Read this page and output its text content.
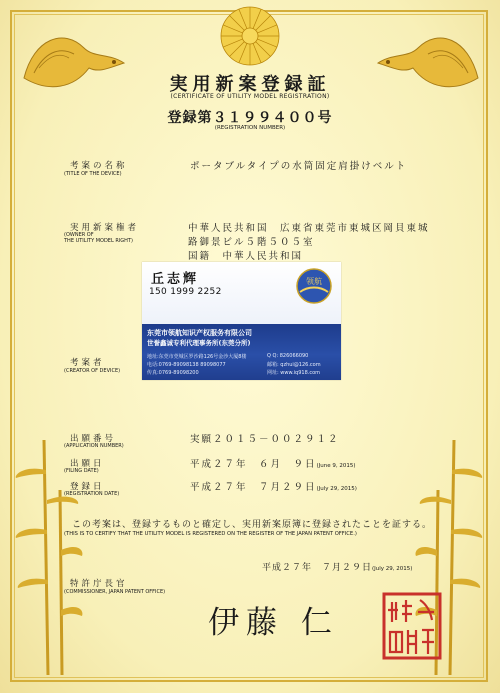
実用新案登録証
(CERTIFICATE OF UTILITY MODEL REGISTRATION)
登録第３１９９４００号
(REGISTRATION NUMBER)
考案の名称
(TITLE OF THE DEVICE)
ポータブルタイプの水筒固定肩掛けベルト
実用新案権者
(OWNER OF
THE UTILITY MODEL RIGHT)
中華人民共和国　広東省東莞市東城区岡貝東城
路御景ビル５階５０５室
国籍　中華人民共和国
丘志辉
150 1999 2252
领航
东莞市领航知识产权服务有限公司
世誉鑫诚专利代理事务所(东莞分所)
地址:东莞市莞城区罗沙路126号金沙大厦8楼
电话:0769-89098138 89098077
传真:0769-89098200
Q Q: 826066090
邮箱: qzhui@126.com
网址: www.iq918.com
考案者
(CREATOR OF DEVICE)
出願番号
(APPLICATION NUMBER)
実願２０１５－００２９１２
出願日
(FILING DATE)
平成２７年　６月　９日(June 9, 2015)
登録日
(REGISTRATION DATE)
平成２７年　７月２９日(July 29, 2015)
この考案は、登録するものと確定し、実用新案原簿に登録されたことを証する。
(THIS IS TO CERTIFY THAT THE UTILITY MODEL IS REGISTERED ON THE REGISTER OF THE JAPAN PATENT OFFICE.)
平成２７年　７月２９日(July 29, 2015)
特許庁長官
(COMMISSIONER, JAPAN PATENT OFFICE)
伊藤 仁
